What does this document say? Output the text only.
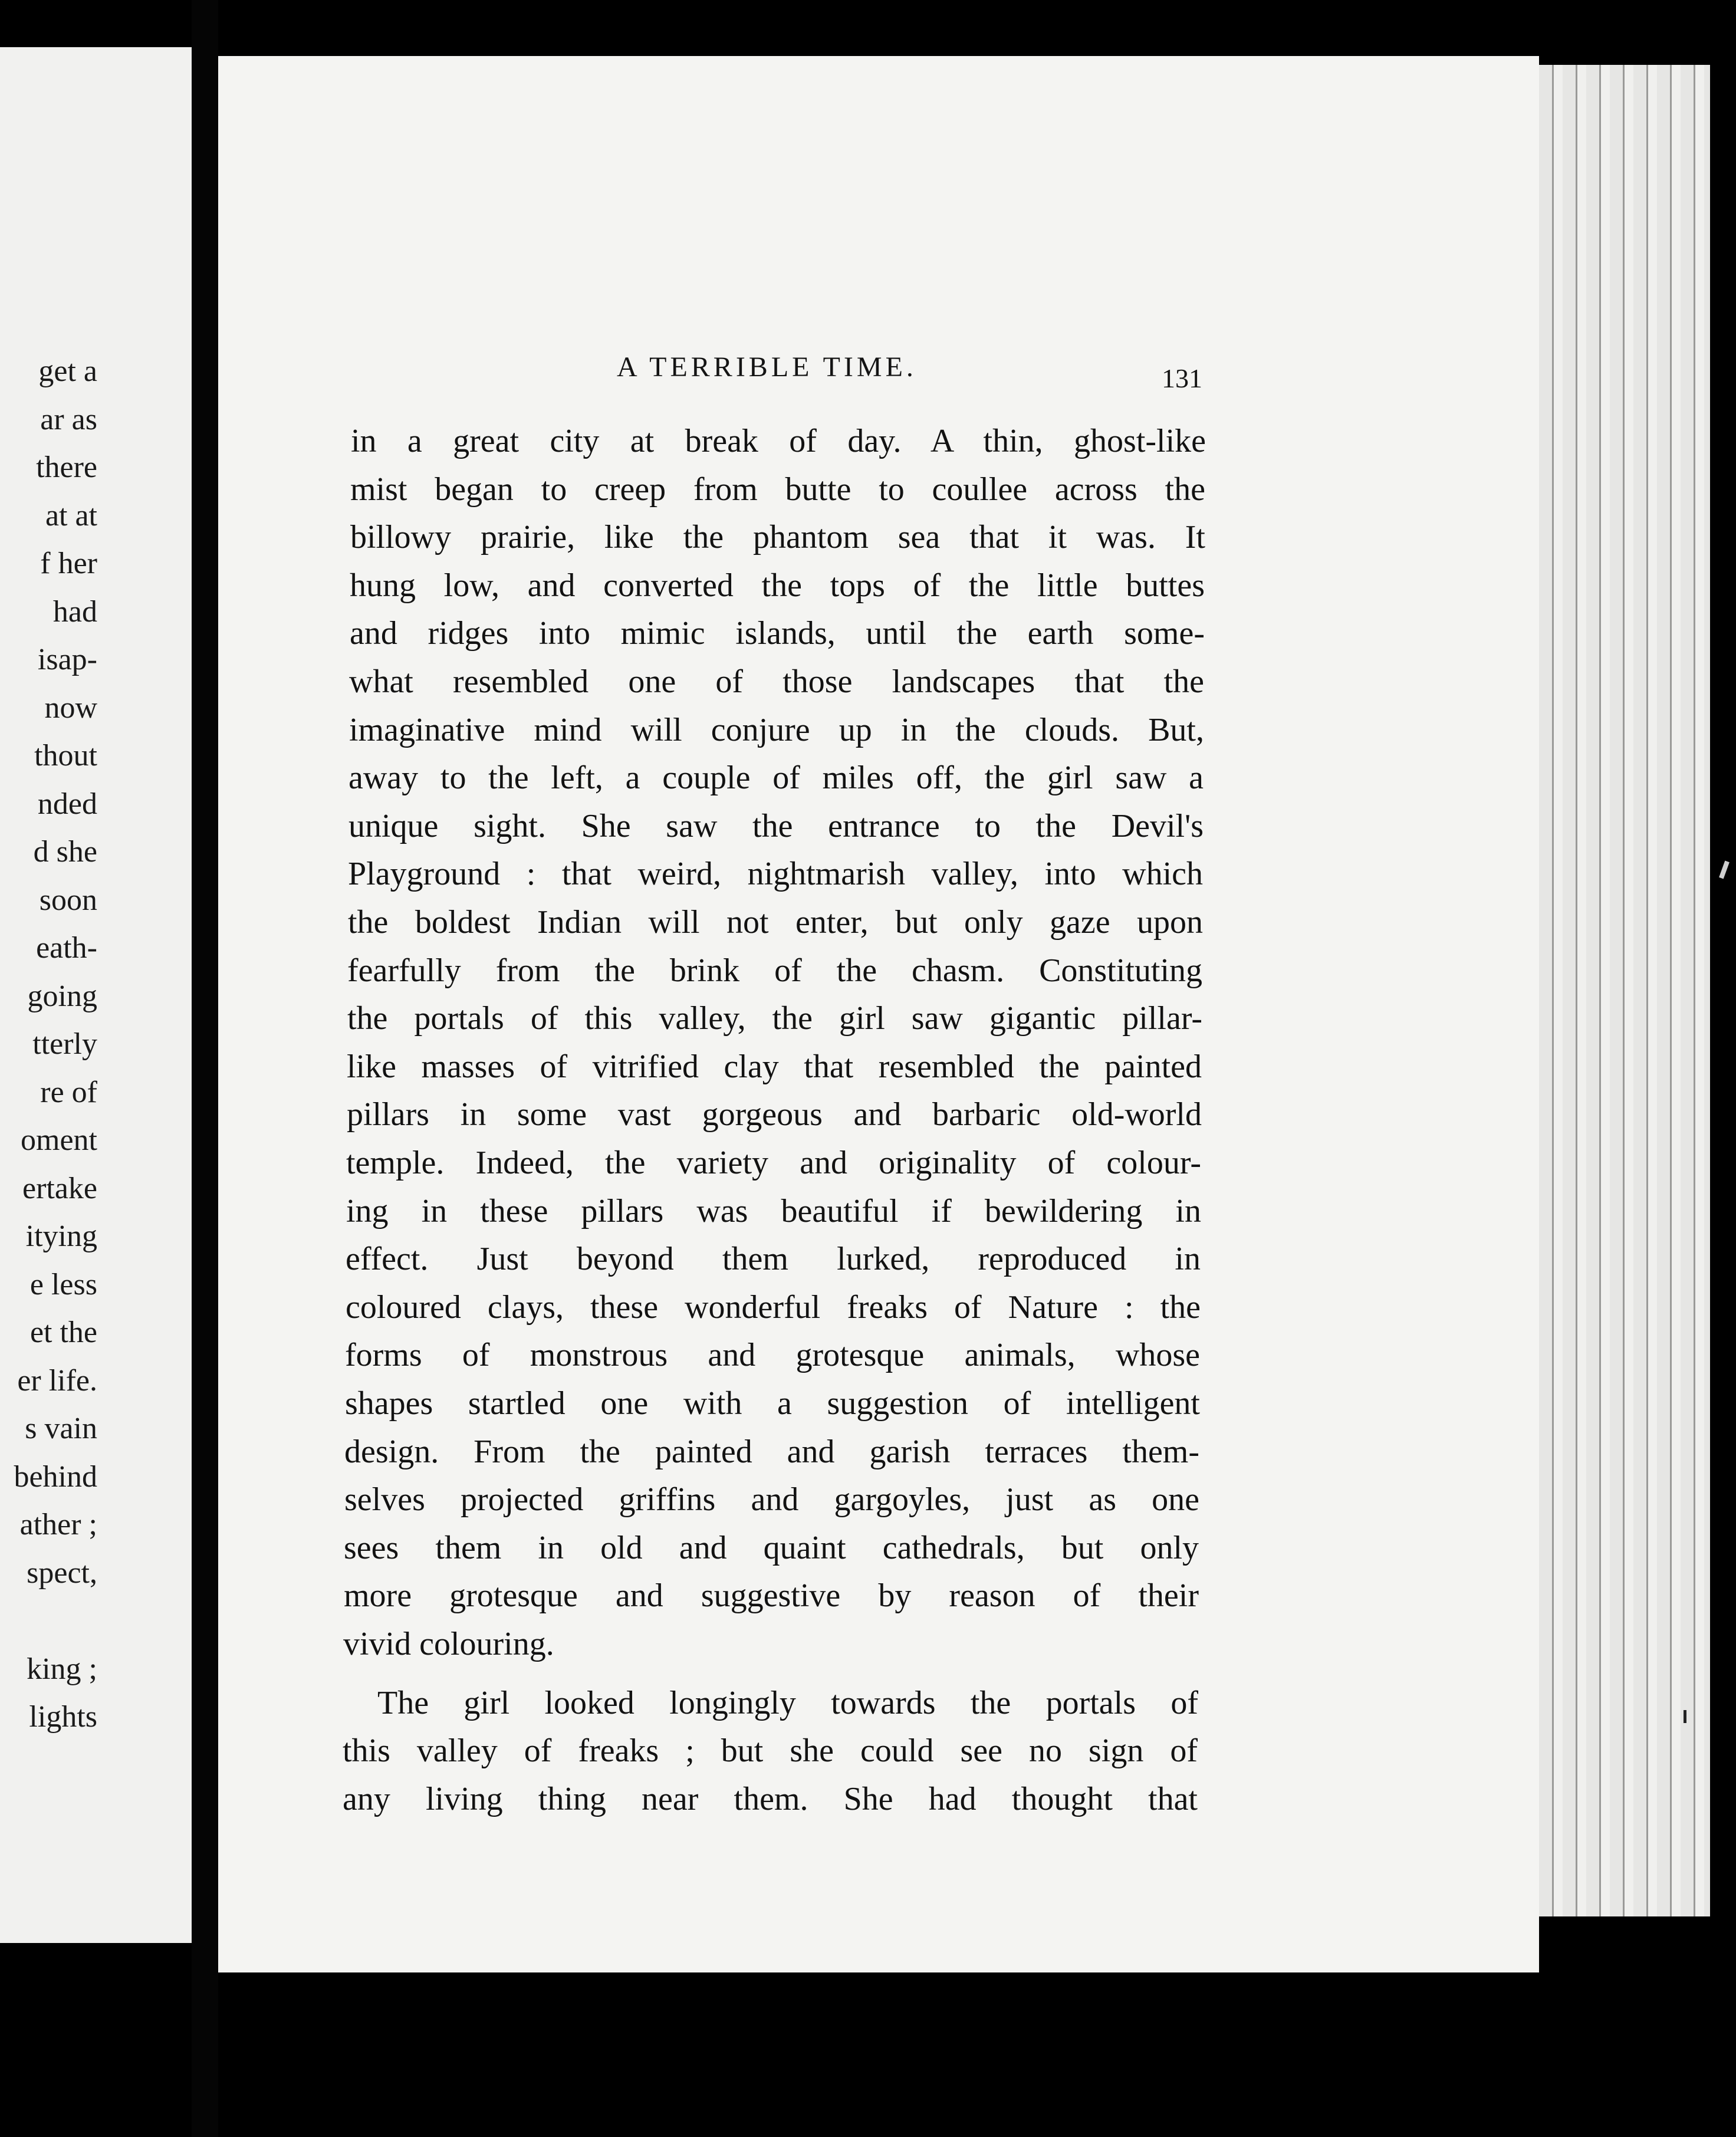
get a
ar as
there
at at
f her
had
isap-
now
thout
nded
d she
soon
eath-
going
tterly
re of
oment
ertake
itying
e less
et the
er life.
s vain
behind
ather ;
spect,
king ;
lights
A TERRIBLE TIME.	131
in a great city at break of day. A thin, ghost-like
mist began to creep from butte to coullee across the
billowy prairie, like the phantom sea that it was. It
hung low, and converted the tops of the little buttes
and ridges into mimic islands, until the earth some-
what resembled one of those landscapes that the
imaginative mind will conjure up in the clouds. But,
away to the left, a couple of miles off, the girl saw a
unique sight. She saw the entrance to the Devil's
Playground : that weird, nightmarish valley, into which
the boldest Indian will not enter, but only gaze upon
fearfully from the brink of the chasm. Constituting
the portals of this valley, the girl saw gigantic pillar-
like masses of vitrified clay that resembled the painted
pillars in some vast gorgeous and barbaric old-world
temple. Indeed, the variety and originality of colour-
ing in these pillars was beautiful if bewildering in
effect. Just beyond them lurked, reproduced in
coloured clays, these wonderful freaks of Nature : the
forms of monstrous and grotesque animals, whose
shapes startled one with a suggestion of intelligent
design. From the painted and garish terraces them-
selves projected griffins and gargoyles, just as one
sees them in old and quaint cathedrals, but only
more grotesque and suggestive by reason of their
vivid colouring.
The girl looked longingly towards the portals of
this valley of freaks ; but she could see no sign of
any living thing near them. She had thought that
